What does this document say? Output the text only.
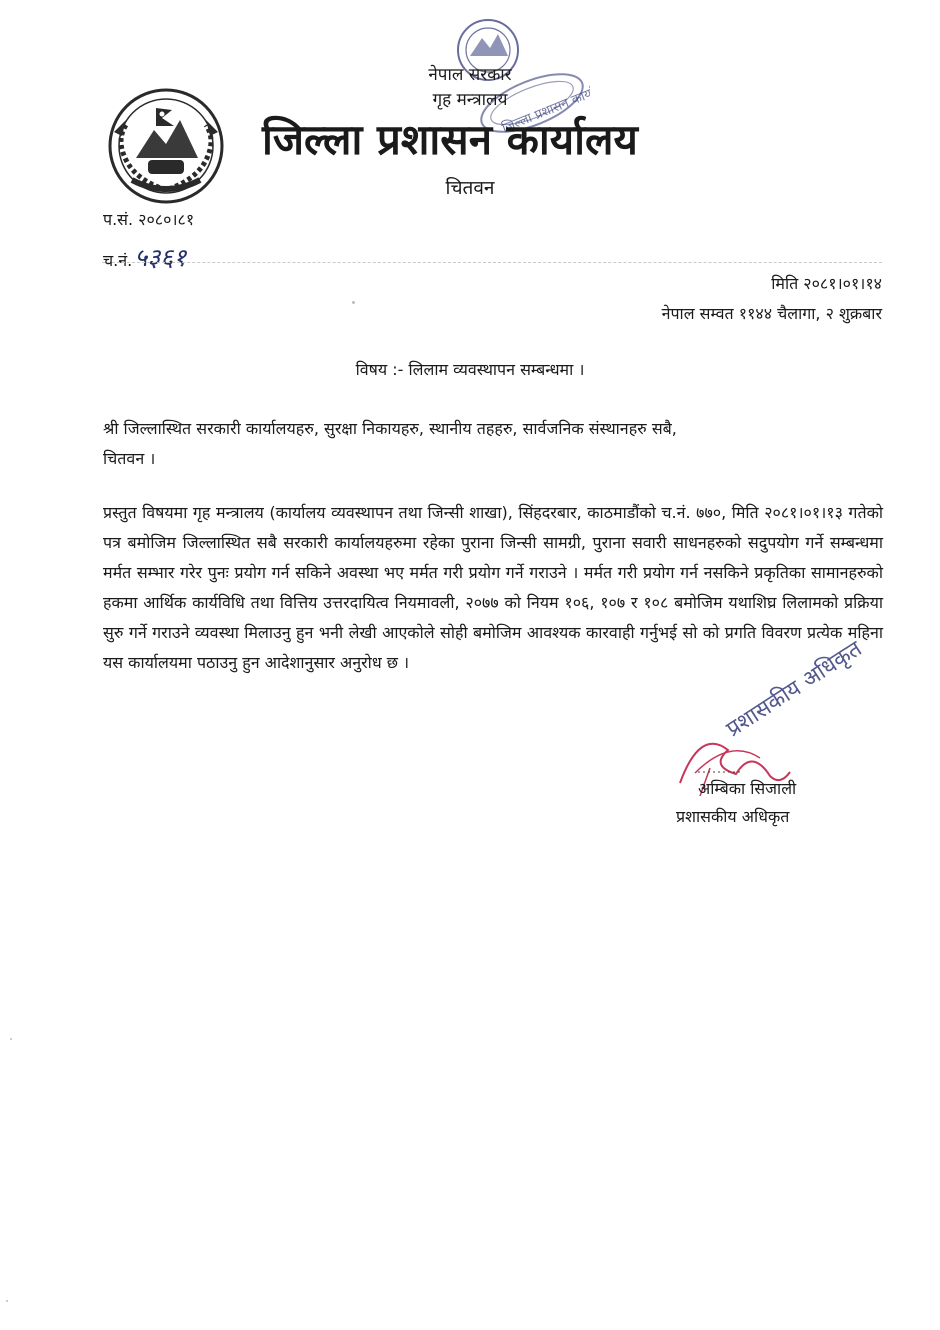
जिल्ला प्रशासन कार्यालय
नेपाल सरकार
गृह मन्त्रालय
जिल्ला प्रशासन कार्यालय
चितवन
प.सं. २०८०।८१
च.नं.५३६१
मिति २०८१।०१।१४
नेपाल सम्वत ११४४ चैलागा, २ शुक्रबार
विषय :- लिलाम व्यवस्थापन सम्बन्धमा ।
श्री जिल्लास्थित सरकारी कार्यालयहरु, सुरक्षा निकायहरु, स्थानीय तहहरु, सार्वजनिक संस्थानहरु सबै,
चितवन ।
प्रस्तुत विषयमा गृह मन्त्रालय (कार्यालय व्यवस्थापन तथा जिन्सी शाखा), सिंहदरबार, काठमाडौंको च.नं. ७७०, मिति २०८१।०१।१३ गतेको पत्र बमोजिम जिल्लास्थित सबै सरकारी कार्यालयहरुमा रहेका पुराना जिन्सी सामग्री, पुराना सवारी साधनहरुको सदुपयोग गर्ने सम्बन्धमा मर्मत सम्भार गरेर पुनः प्रयोग गर्न सकिने अवस्था भए मर्मत गरी प्रयोग गर्ने गराउने । मर्मत गरी प्रयोग गर्न नसकिने प्रकृतिका सामानहरुको हकमा आर्थिक कार्यविधि तथा वित्तिय उत्तरदायित्व नियमावली, २०७७ को नियम १०६, १०७ र १०८ बमोजिम यथाशिघ्र लिलामको प्रक्रिया सुरु गर्ने गराउने व्यवस्था मिलाउनु हुन भनी लेखी आएकोले सोही बमोजिम आवश्यक कारवाही गर्नुभई सो को प्रगति विवरण प्रत्येक महिना यस कार्यालयमा पठाउनु हुन आदेशानुसार अनुरोध छ ।	प्रशासकीय अधिकृत
अम्बिका सिजाली
प्रशासकीय अधिकृत
